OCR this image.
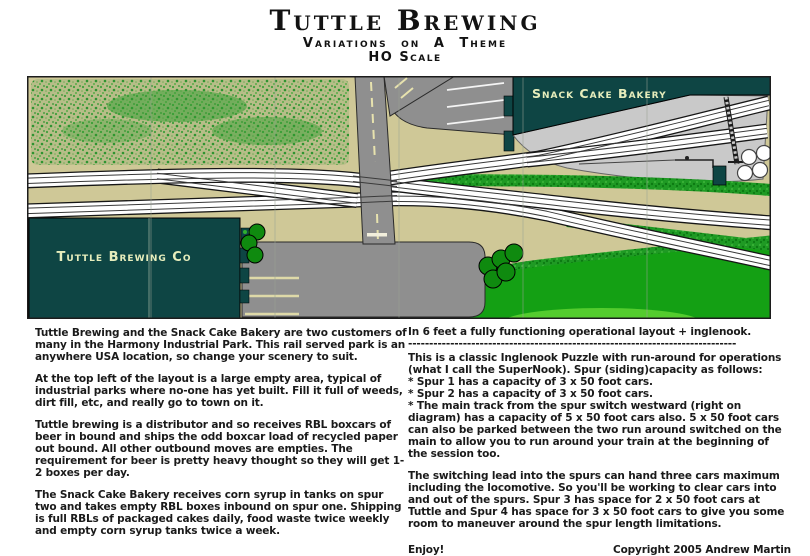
Tuttle Brewing
Variations on A Theme
HO Scale
Snack Cake Bakery
Tuttle Brewing Co

Tuttle Brewing and the Snack Cake Bakery are two customers of many in the Harmony Industrial Park. This rail served park is an anywhere USA location, so change your scenery to suit.

At the top left of the layout is a large empty area, typical of industrial parks where no-one has yet built. Fill it full of weeds, dirt fill, etc, and really go to town on it.

Tuttle brewing is a distributor and so receives RBL boxcars of beer in bound and ships the odd boxcar load of recycled paper out bound. All other outbound moves are empties. The requirement for beer is pretty heavy thought so they will get 1-2 boxes per day.

The Snack Cake Bakery receives corn syrup in tanks on spur two and takes empty RBL boxes inbound on spur one. Shipping is full RBLs of packaged cakes daily, food waste twice weekly and empty corn syrup tanks twice a week.

In 6 feet a fully functioning operational layout + inglenook.
------------------------------------------------------------------------------
This is a classic Inglenook Puzzle with run-around for operations (what I call the SuperNook). Spur (siding)capacity as follows:
* Spur 1 has a capacity of 3 x 50 foot cars.
* Spur 2 has a capacity of 3 x 50 foot cars.
* The main track from the spur switch westward (right on diagram) has a capacity of 5 x 50 foot cars also. 5 x 50 foot cars can also be parked between the two run around switched on the main to allow you to run around your train at the beginning of the session too.
The switching lead into the spurs can hand three cars maximum including the locomotive. So you'll be working to clear cars into and out of the spurs. Spur 3 has space for 2 x 50 foot cars at Tuttle and Spur 4 has space for 3 x 50 foot cars to give you some room to maneuver around the spur length limitations.
Enjoy!	Copyright 2005 Andrew Martin
